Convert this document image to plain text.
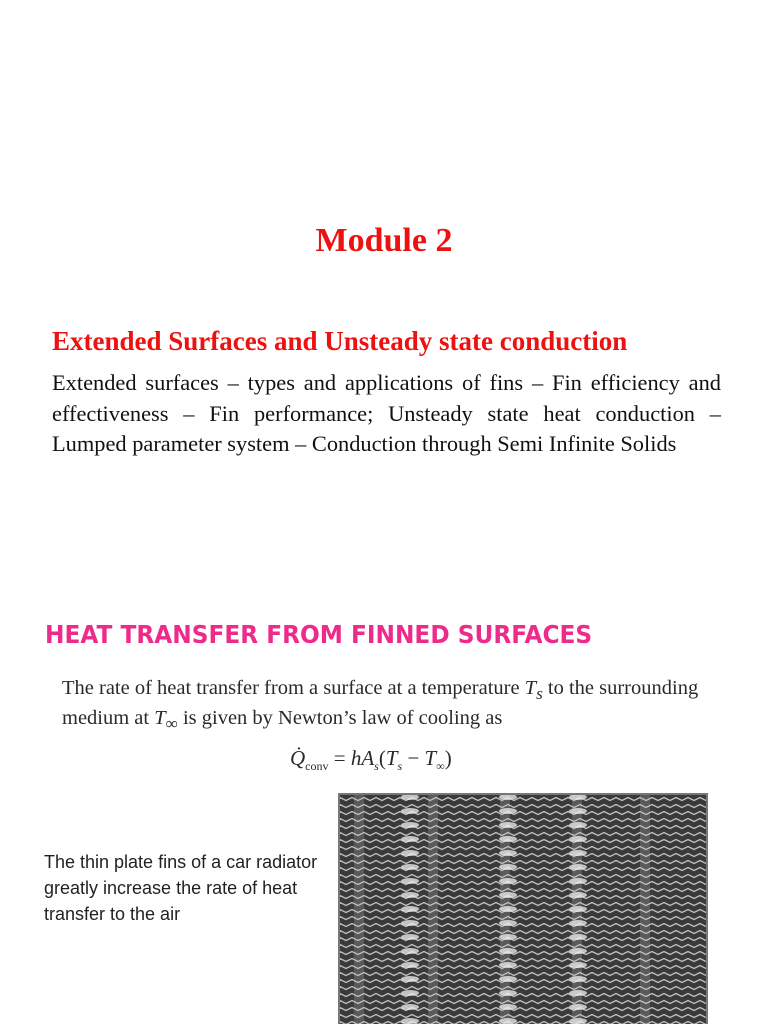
Module 2
Extended Surfaces and Unsteady state conduction
Extended surfaces – types and applications of fins – Fin efficiency and effectiveness – Fin performance; Unsteady state heat conduction – Lumped parameter system – Conduction through Semi Infinite Solids
HEAT TRANSFER FROM FINNED SURFACES
The rate of heat transfer from a surface at a temperature $T_s$ to the surrounding medium at $T_\infty$ is given by Newton’s law of cooling as
$Q̇_{conv} = hA_s(T_s - T_\infty)$
The thin plate fins of a car radiator greatly increase the rate of heat transfer to the air
